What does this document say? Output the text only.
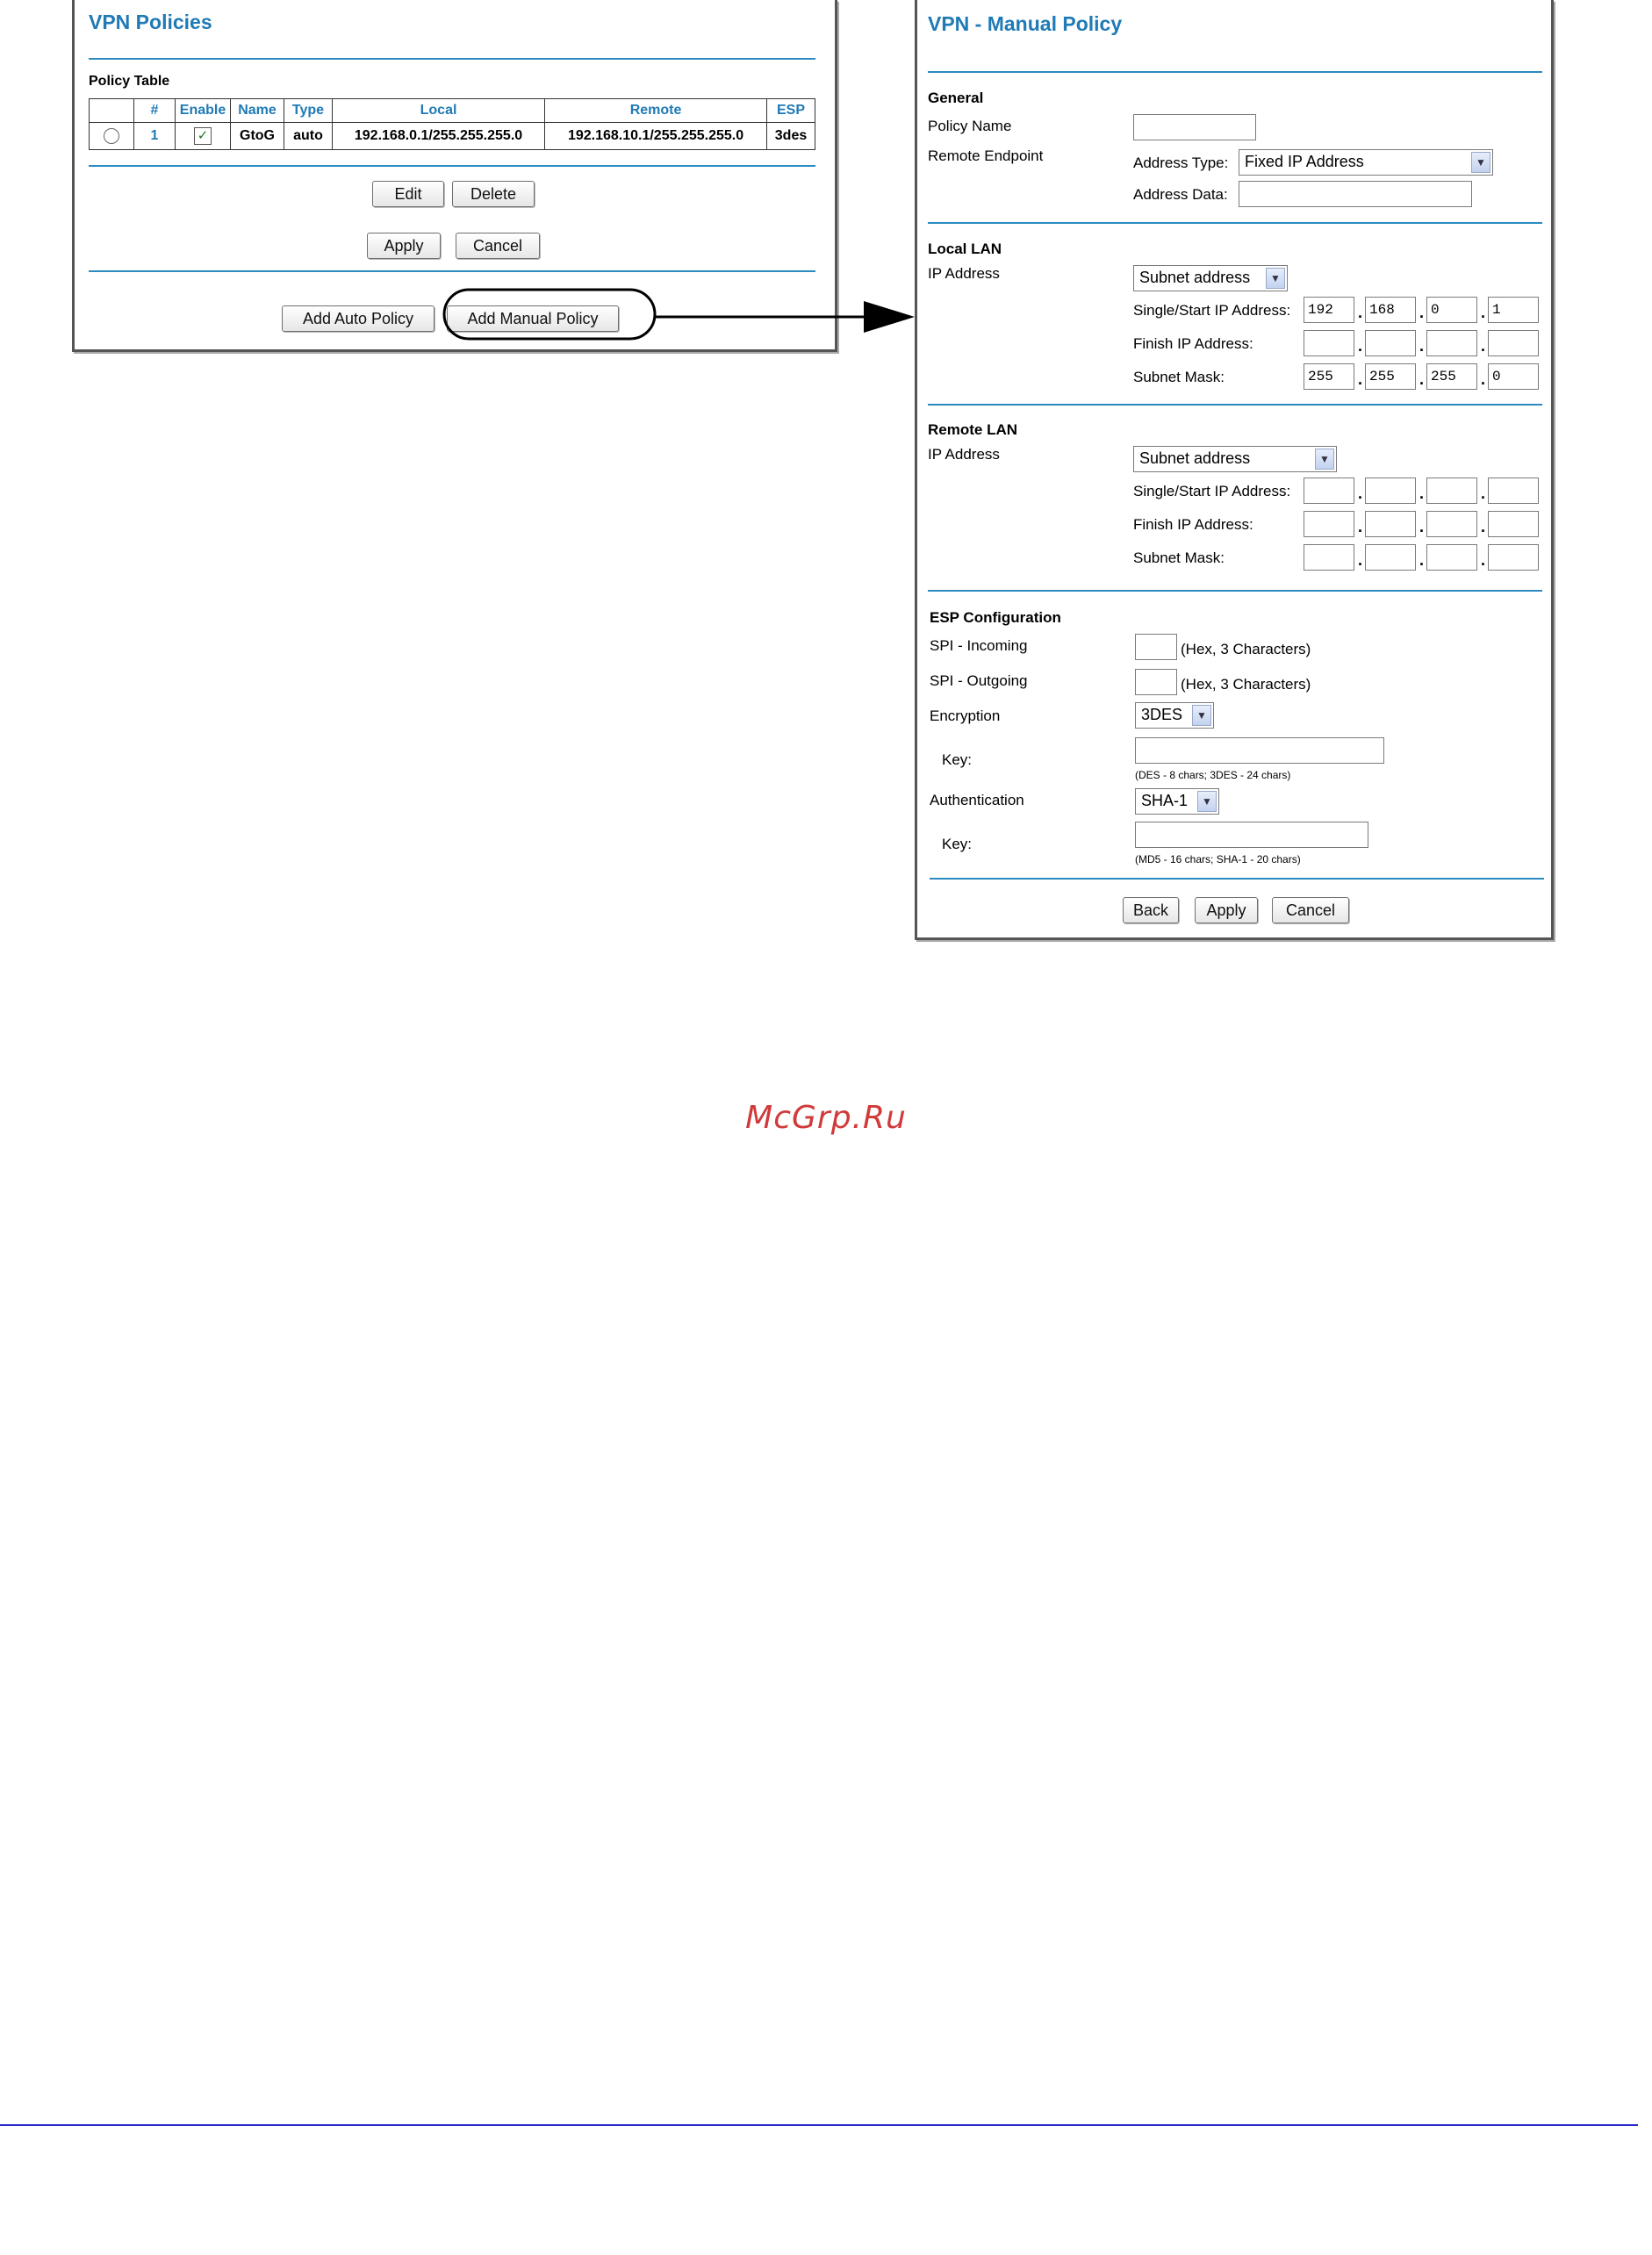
VPN Policies
Policy Table
	#	Enable	Name	Type	Local	Remote	ESP
	1	✓	GtoG	auto	192.168.0.1/255.255.255.0	192.168.10.1/255.255.255.0	3des
Edit	Delete
Apply	Cancel
Add Auto Policy	Add Manual Policy
VPN - Manual Policy
General
Policy Name
Remote Endpoint	Address Type:	Fixed IP Address	▼
Address Data:
Local LAN
IP Address	Subnet address	▼
Single/Start IP Address:	192	. 168	. 0	. 1
Finish IP Address:	.	.	.
Subnet Mask:	255	. 255	. 255	. 0
Remote LAN
IP Address	Subnet address	▼
Single/Start IP Address:	.	.	.
Finish IP Address:	.	.	.
Subnet Mask:	.	.	.
ESP Configuration
SPI - Incoming	(Hex, 3 Characters)
SPI - Outgoing	(Hex, 3 Characters)
Encryption	3DES	▼
Key:
(DES - 8 chars; 3DES - 24 chars)
Authentication	SHA-1	▼
Key:
(MD5 - 16 chars; SHA-1 - 20 chars)
Back	Apply	Cancel
McGrp.Ru
